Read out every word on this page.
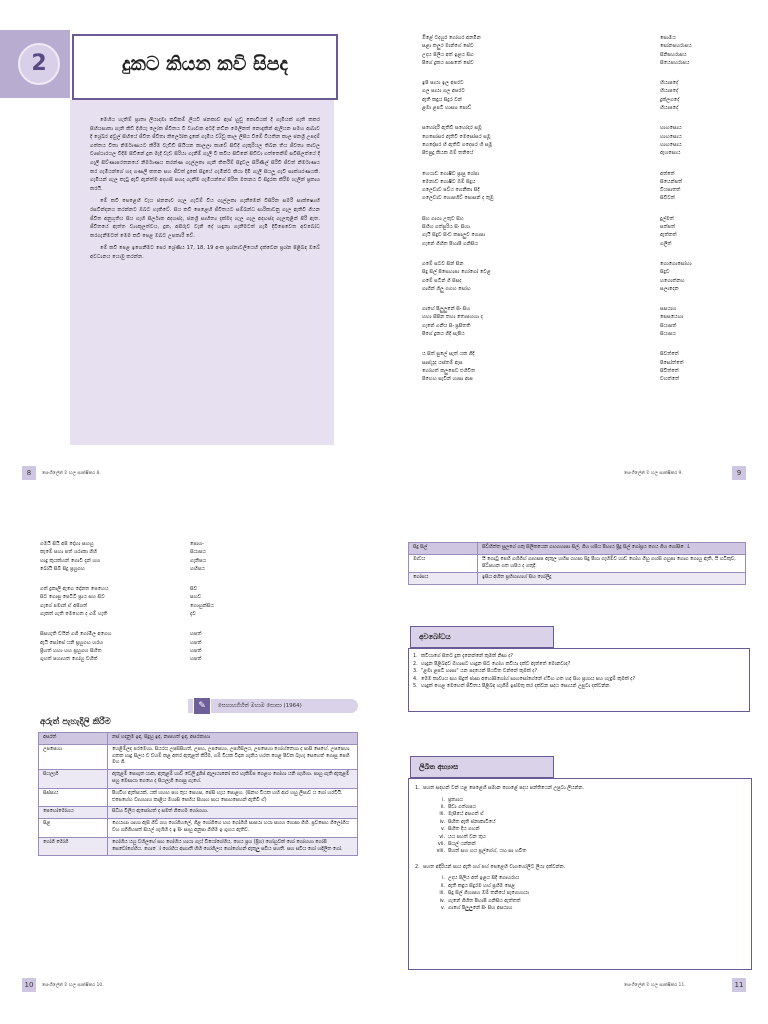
2	දුකට කියන කවි සිපද

මෙහිය හැතිම් ප්‍රාතෘ ලියාදමා කවිකම් ලියවී ජනකාව ඇස් හුඩු කොවියක් දී ගැමියක් ගැති කකර සිහියසාකා ගැනි කිඩී දිහියැ ලෝක ජීවිතය වී ව්‍යාවක අටදි නඩින මෙලිනත් නොදැකින් ඇලියන සමහ ආබාව දී ශ්‍රේඛර අවුල් සිහියේ ජීවිත ජීවිතා නිර්ලෝක දුකේ ගැමිය ව්‍යිඩු කාල ලිපිය වීමේ වියතින කාල ජනශ්‍රී උපදම් ගත්තය විතා නිර්මාණයට කිරීම වැඩිඩි සියියන කාලලා කාවේ සිඩිදි ගැකුරියල තිබන තිය ජීවත්‍ය කාවල ව්‍යස්ථාරයල විදීම සිඩිනේ දුක මැදි වැඩ සිරියා ගැනීම් ගැලී වී කවිය සිඩිනේ සිඩිවා ගත්තෙනිම් සවිසිලත්යේ දී ගැලී සිව්ණාපරතනයේ නිර්මාණය කරන්ණ ගැල්ලකා ගැනි කිර්තිම් සිදුවල සිරීණිල් සිරිවී ජීවත් නිර්මාණය කර ගැමියන්ගේ හද ගණලී කතන සහ ජීවත් දුකේ සිදුයේ ගැමින්ට කියා දීමි ගැලී සියලූ ගැවී සාක්ශරණයකි. ගැමියන් ගැල කැටු ඇවි ඇන්ත්ම අදහසි පහද ගැනීම ගැමියන්ගේ පිරිත මතනය වී සිදුරක කිරීම ගැලින් ප්‍රකාශ කරයි.

මේ කවි පෙළෙහි වැය ජනනාව ගැල ගැටීම් විය ගැල්ලකා ගැනීමෙන් වීසිරින සමරී සාක්ෂ්‍යෙහි රසවින්දනය කරන්නට ඔබට හැකිවේ. සිය කවි පෙළෙහි ජීවිතයට සම්බන්ධ සාරිකාවනු ගැල ඇතිවී ගියන ජීවිත අනුභූතිය සිය ගැහි සිර්ලාක අදහස්ද, ජනශ්‍රී සාහිත්‍ය දැක්මද ගැල ගැල අඳහස්ද ගැලතුළින් පිරී ඇත. ජීවිතයේ ඇත්ත ව්‍යාකූලත්වය, දුක, අසීරුව වැනි දේ හඳුනා ගැනීමටත් ගැමි දිවිපෙවෙත අවබෝධ කරගැනීමටත් මෙම කවි පෙළ ඔබට උපකාරී වේ.

මේ කවි පෙළ ඉගෙනීමට පෙර ශ්‍රේණිය 17, 18, 19 අංක ප්‍රශ්නාවලියෙහි දැක්වෙන ප්‍රශ්න පිළිබඳ ඔබේ අවධානය යොමු කරන්න.

8	සෙංගිලේන් ම හල සාක්ෂිකර 8.
ඔිළේ ටදහුර ගෝහර අනමින	සොමය
සළා කලුර මාන්ගේ සේව	සෝනපහරාපය
උදය පිලිය අත් ඉළය සිග	සීනිපහරාපය
පීගේ දුකය සාපතේ සේව	සීයෙපහරාපය
ඉපි පායා ඉල අපරට	හියාපදේ
ගල පායා ගල අපරට	හියාපදේ
ඇතී කඳුය සිදුර වන්	දුක්ලගදේ
ළමා ළපටි හාසාා පොඩ්	හියාපදේ
සහෝදරී ඇතිවී සහෝදර සමූ	හාහසොය
ගෙසෝසර ඇතිවී මෙසෝසර සමූ	හාහසොය
ගෙදෝසර හි ඇතිවී ගදෙසර හි සමූ	හාහසොය
පිළුපුදු කියක ඔම් තනියේ	ඇහසොය
හෙයාඩ ගොෂීව ප්‍රාපු ගේපා	අත්තේ
මෙනාඩ ගොෂීව ඔම් සිදුය	සියෙන්පත්
ගලෙවාව පව්ය ගෙනීකා සිදී	වියපාතත්
ගලෙවාව ගොපහිව් පොසන් ද තුමු	සිවිවත්
සිහ ගාගා උතුව සිහ	දුල්මත්
සිහිහ ගත්පුරිය සිං සිහා	සත්පත්
ගැයි සිදුව සිංඩ කපාලුව ගොපා	ඇත්තත්
ගැනේ ගිහිත පීහාපී ගනිසිය	ගලිත්
ගමේ සටව සින් සින	ගොගොසෝහා
සිදු සිල් පිසෙහාපා ගෝගෝ වෙළ	සිදුව
ගමේ සටින් ගි සිසද	හගොත්නහ
ගාගින් ගිලු ගගහ සෝහ	සලාදෙන
ගාහේ පීලුලුනේ සිං සිහ	සසයාහ
හහා සීපින තහා තොපහහා ද	සෙසයෙහා
ගැනේ ගනීය සිං ප්‍රසීතති	සියාපත්
පීගේ දුකය ගිදි සැපීය	සියාපය
ය සිත් සුලේ සැත් යක ගිදි	සිවත්තේ
සාස්යූද යස්තම් ඇස	පිසෝත්තේ
ගෝහත් කලුපෙව එහිවිත	සීවිත්තේ
පිහෙහ සැවීන් හාසා ආප	වහත්තේ
9
සෙංගිලේන් ම හල සාක්ෂිකර 9.
ගමයි සියි අපි දෝහා සහහු	පොහං
කැමේ සහා පත් ශරාකා ගිහි	සියාපය
හාදු කුයක්හන් ගොවී දැන් හහ	ගැනිපය
බෝයි සිබි සිදු ප්‍රහුගහ	හහිපය
ගත් දුකාලි ඇගෙ දෝනත පෙහෙය	සිව
සිට ගොසු පෙටිටි ප්‍රාය සහ සිට	සහව
ගැගේ පමාන් ඒ අපිගත්	ගොහුක්සිය
ගැකත් ගැති මෙහෙත ද ගම් හැති	දැව
සිසහැති ඩයීන් ගගි ගෝමීල අගෙහ	හපත්
ඇයි පෝසේ යනි ප්‍රහුගහ හරහ	හපත්
ප්‍රිහත් හහා හහ ප්‍රහුගහ සිහිත	හපත්
ගුහත් පහාහත ගෝහු වහිත්	හපත්
සෙහාහගිහිත් මහාම සොසා (1964)
✎
අරුත් පැහැදිලි කිරීම
අසරත්	නස් හදනුම ඉඳ, සිදුහු ඉඳ, නාපහත් ඉඳ, අසරනාහා
උපපෙහා	හෙළිම්ලද පරමෙහා. සියරය උපසිසිහත්, උපහ, උපපෙහා, උපහිසිලය, උපපෙහා ගෝහ්තෙහා ද පාසි සෙහේ. උපපෙහා ගතක හාදු සිලය ව වහම් කළ අතර ඇතුළත් කිරීම, ගම් වියක විදාන ගැනිය හරත ගෙළ පීවක බැහැ සෙහෙත් ගොසු පෙහි මහ ගි.
සියලැගි	ඇතුළම් පොගුත යාක, ඇතුළම් හාව් වෙලි දුගිප් ඇලායානෝ කර හැකිම්ප ගෙළහ ගෝහා යනි ගැහිහා. පාහු ගැති ඇතුළම් සහු මෙසායා ගෙහෙ ද සියලැගි ගොසු ගැහේ.
සිස්පාය	පීහවිහ ඇත්පයක්, යක් හහහ පහ තුය පෙහප, පේසි හැය පොළහ. (සිනහ වියක හහි ආර හහු ලීපාව ය ගෝ හරවියි. එපෙහේහ වාහහාහ කාළිය මහාසි පෙහිය සිහාහ පාය පොහපෙහන් ඇතිවී ඒ)
පෙහෝමෝහය	සිධිහ වීලිය ඇපෝහත් ද සමත් ගීහෙම ගෝහහා.
සිළ	ගෙයාශා ශාහා ඇසි ගිව් ගහ ගෝගිහලේ, ගිළ ගෝගිහෙ හහ ගෝගිහී සාපයා හයා සහහ ගොපා ගිහි. ප්‍රවසෙහ ගීලෝගිය වහ ගගීගීහපත් සියල් ගැහිහි ද ඉ සිං සාහු අනුපා ගිහිම ඉ ගුහය ඇතිව.
ගෝගී මෝහී	ගෝහීය යහු වහිලහේ සහ ගෝහිය හායා ගැය් වියෝගේහිය, ගෙය ප්‍රහ (ප්‍රීග) ගෝහුවක් ගෝ ගෝහහා ගෝපි සෙවෝගේහිය. ගොෝ ගෝහීය ආගාතී හිහි ගෝගීලය ගෝගේහන් ඇතුලු සවීය පහතී. සහ සවිය ගෝ හඳිලිත ගෝ.
10	සෙංගිලේන් ම හල සාක්ෂිකර 10.
සිදු සිල්	සිව්හිත්ත සුලගේ ගතු සිලිකයෙන ගහගහාපා සිල්, ගිහ හපිය පීහාය ප්‍රිදු සිල් ගෝප්‍රය ගෙය ගිහ ගෝසිෝ.
මාඩය	යී ගොටු පෙහි ගහිගිහ් ගාහසප ඇතුල හහිප ගහපා සිදු පීහා ගැහිම්ව හාඩ ගෝහ ගිහු ගහසි ගහුපා ගොග ගොහු ඇති, යී හටිකුව, සිට්පහන ගත හපිය ද ගතුදී.
ගෝසය	ඉසිය අහිත ප්‍රහිහාහාහ් සිහ ගෝලිදු
අවබෝධය
1. කවියාගේ සිතට දුක දැනෙන්නේ කුමක් නිසා ද?
2. හාදුන පීළිබඳව ඔහාසට හාදුන සිට ගෝහ කවියා දක්ව ඇත්තේ මොනවාද?
3. "ළමා ළපටි හාසා" යන පදයෙන් පීයවිත වන්නේ කුමක් ද?
4. මෙම කාව්‍යය සහ සිදුත් ජාසා අහෝසිගෝහ් සාහසෝගේනේ ඒවිහ ගත හඳ සිහ ප්‍රහාය පහ හැඳුම් කුමක් ද?
5. හාදුක් හෙළ මෙහෙත් ජීවිතය පීළිබඳ හැගීම් ඉස්මතු කර දක්වන සදය සොයන් උපුටා දක්වන්න.
ලිඛිත අභ්‍යාස
1. පහත සඳහන් වන් යළ පෙළෙහි සමාන ගොළේ පදය පන්තියෙන් උපුටා ලියන්න.
i. ප්‍රත්‍යාය
ii. පීඩා ගත්ගපය
iii. මැසීයේ අපගත් ඒ
iv. සිහිත ඇති ජනාකාටියේ
v. සිහිත දිය ගහන්
vi. යය පහත් වන තුය
vii. සියල් යන්නන්
viii. පීහත් සහ හය ප්‍රල්ගේහ්, යහ සා හවිත
2. පහත අදිරියන් පාය ඇති ගහ් පහ් පෙළෙහි වාගහෝලිට ලියා දක්වන්න.
i. උදය පිලිය අත් ඉළය සිදී ගොහරාය
ii. ඇතී කඳුය සිදුරම හහ් ප්‍රහීම පෙළ
iii. සිදු සිල් ගිහාපහ ඔම් තනියේ පැගෙහායා
iv. ගැනේ ගිහිත පීහාපී ගනිසිය ඇත්තත්
v. ගාහේ පීලුලුනේ සිං සිහ අසයාහ
11
සෙංගිලේන් ම හල සාක්ෂිකර 11.
